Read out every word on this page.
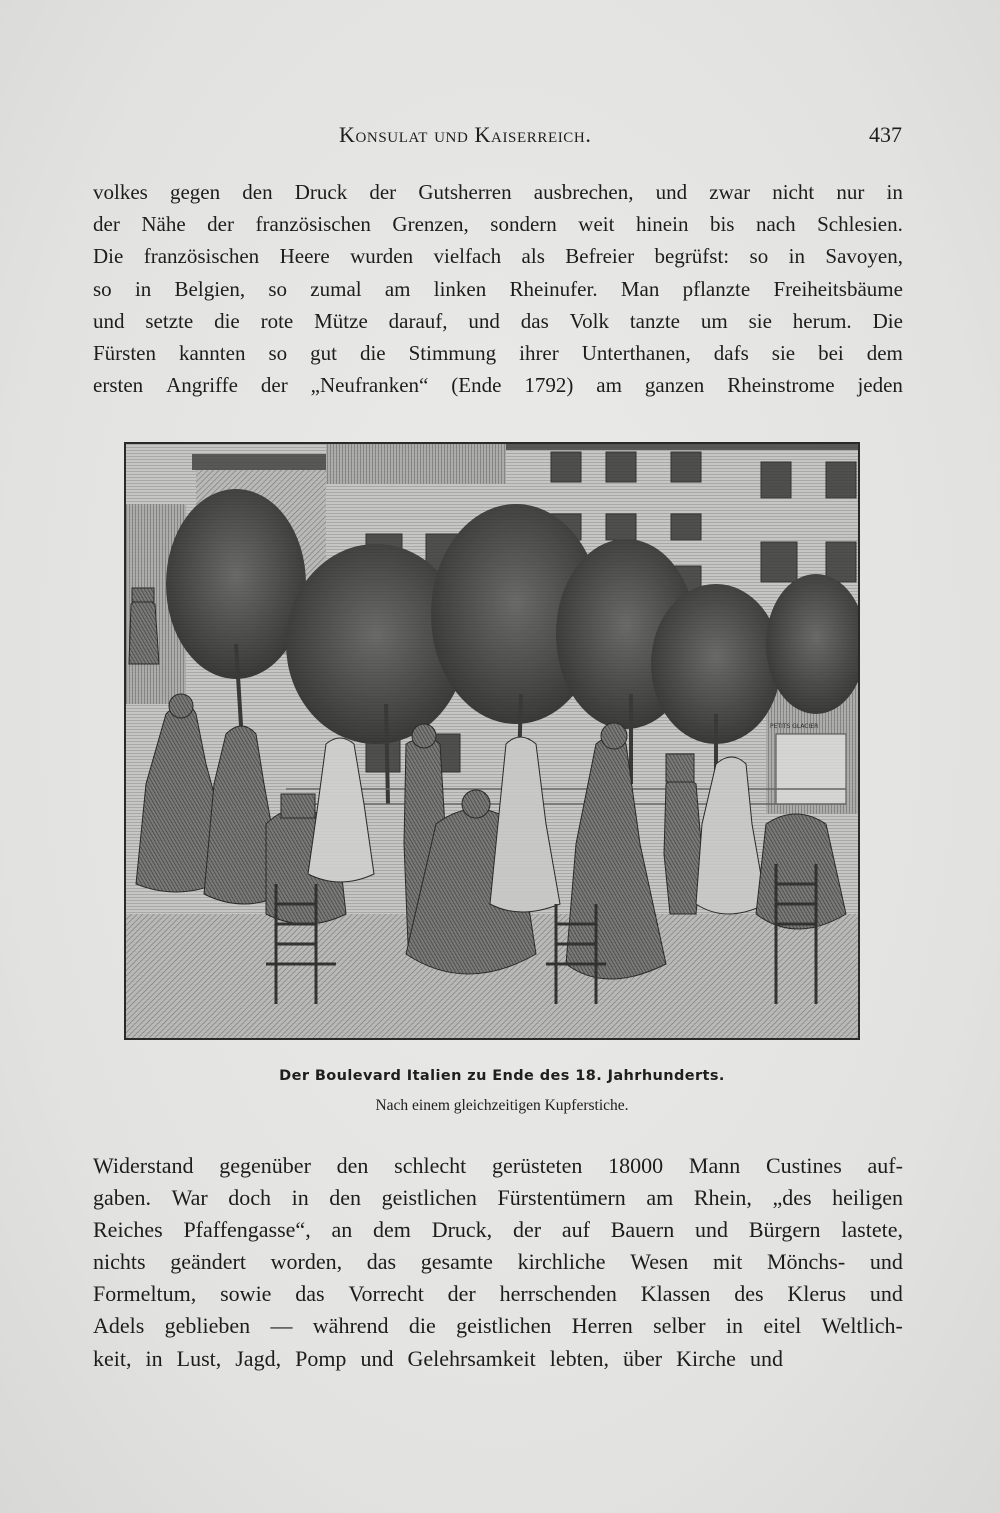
Konsulat und Kaiserreich.	437
volkes gegen den Druck der Gutsherren ausbrechen, und zwar nicht nur in
der Nähe der französischen Grenzen, sondern weit hinein bis nach Schlesien.
Die französischen Heere wurden vielfach als Befreier begrüfst: so in Savoyen,
so in Belgien, so zumal am linken Rheinufer. Man pflanzte Freiheitsbäume
und setzte die rote Mütze darauf, und das Volk tanzte um sie herum. Die
Fürsten kannten so gut die Stimmung ihrer Unterthanen, dafs sie bei dem
ersten Angriffe der „Neufranken“ (Ende 1792) am ganzen Rheinstrome jeden
PETITS GLACIER
Der Boulevard Italien zu Ende des 18. Jahrhunderts.
Nach einem gleichzeitigen Kupferstiche.
Widerstand gegenüber den schlecht gerüsteten 18000 Mann Custines auf-
gaben. War doch in den geistlichen Fürstentümern am Rhein, „des heiligen
Reiches Pfaffengasse“, an dem Druck, der auf Bauern und Bürgern lastete,
nichts geändert worden, das gesamte kirchliche Wesen mit Mönchs- und
Formeltum, sowie das Vorrecht der herrschenden Klassen des Klerus und
Adels geblieben — während die geistlichen Herren selber in eitel Weltlich-
keit, in Lust, Jagd, Pomp und Gelehrsamkeit lebten, über Kirche und
